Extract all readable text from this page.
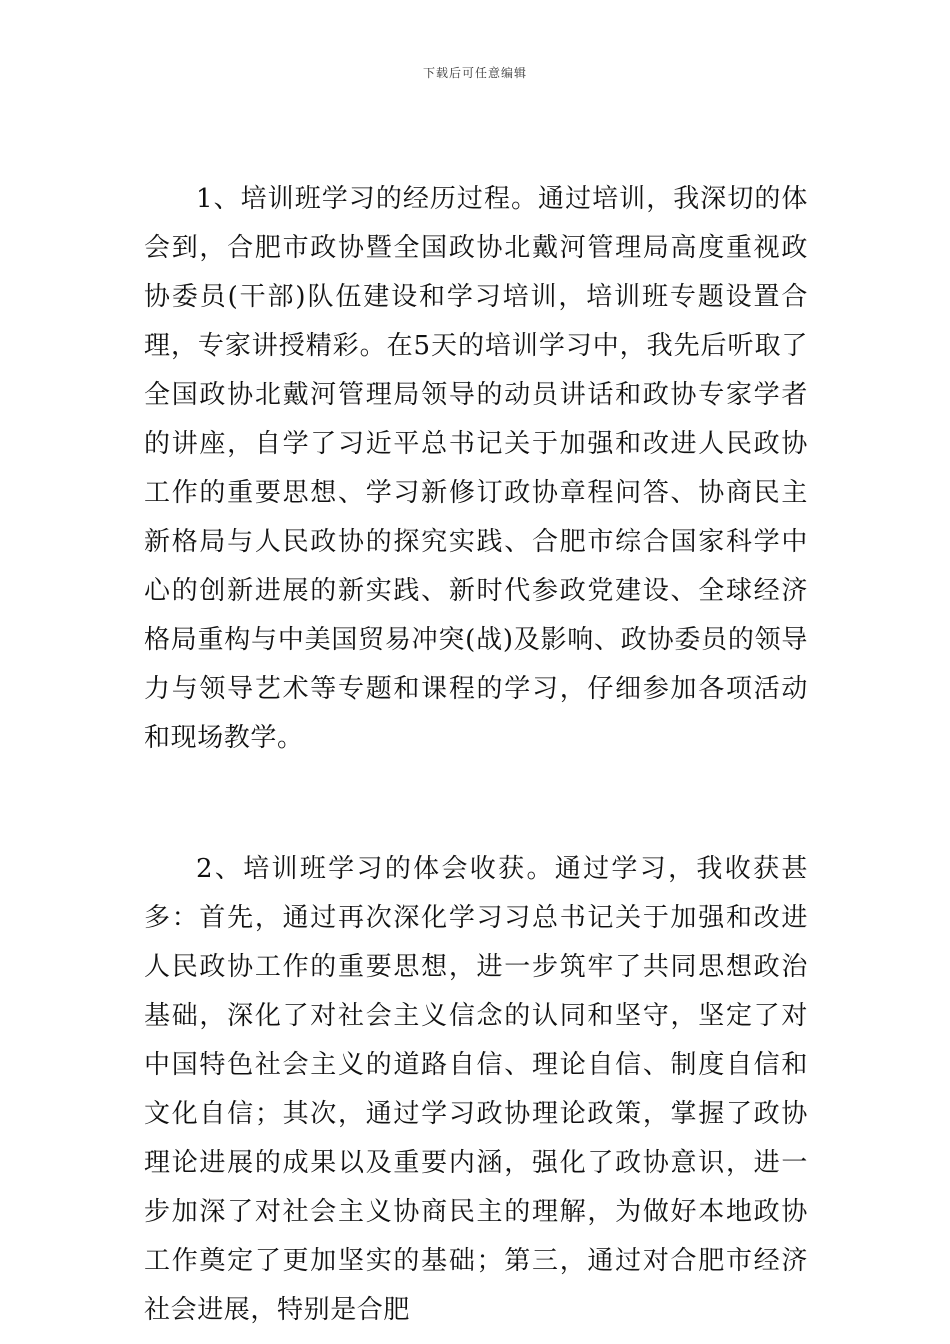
下载后可任意编辑

1、培训班学习的经历过程。通过培训，我深切的体会到，合肥市政协暨全国政协北戴河管理局高度重视政协委员(干部)队伍建设和学习培训，培训班专题设置合理，专家讲授精彩。在5天的培训学习中，我先后听取了全国政协北戴河管理局领导的动员讲话和政协专家学者的讲座，自学了习近平总书记关于加强和改进人民政协工作的重要思想、学习新修订政协章程问答、协商民主新格局与人民政协的探究实践、合肥市综合国家科学中心的创新进展的新实践、新时代参政党建设、全球经济格局重构与中美国贸易冲突(战)及影响、政协委员的领导力与领导艺术等专题和课程的学习，仔细参加各项活动和现场教学。

2、培训班学习的体会收获。通过学习，我收获甚多：首先，通过再次深化学习习总书记关于加强和改进人民政协工作的重要思想，进一步筑牢了共同思想政治基础，深化了对社会主义信念的认同和坚守，坚定了对中国特色社会主义的道路自信、理论自信、制度自信和文化自信；其次，通过学习政协理论政策，掌握了政协理论进展的成果以及重要内涵，强化了政协意识，进一步加深了对社会主义协商民主的理解，为做好本地政协工作奠定了更加坚实的基础；第三，通过对合肥市经济社会进展，特别是合肥
